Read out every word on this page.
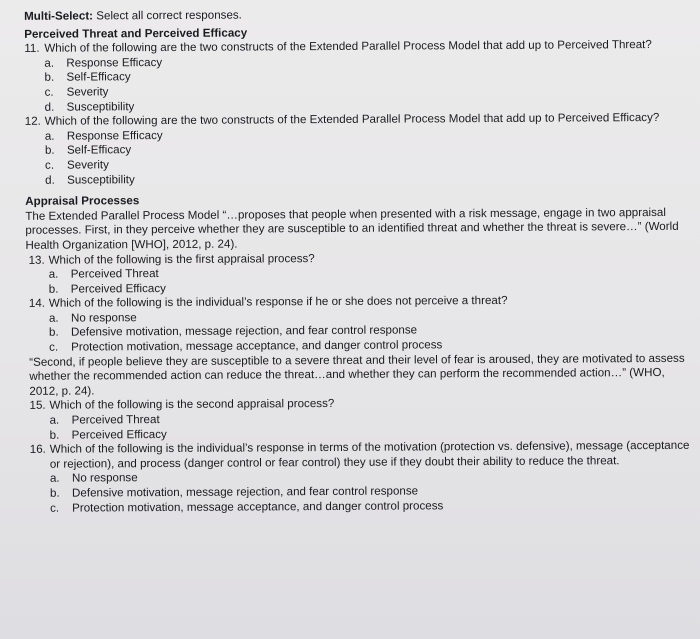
Multi-Select: Select all correct responses.

Perceived Threat and Perceived Efficacy

11. Which of the following are the two constructs of the Extended Parallel Process Model that add up to Perceived Threat?
a.	Response Efficacy
b.	Self-Efficacy
c.	Severity
d.	Susceptibility
12. Which of the following are the two constructs of the Extended Parallel Process Model that add up to Perceived Efficacy?
a.	Response Efficacy
b.	Self-Efficacy
c.	Severity
d.	Susceptibility

Appraisal Processes

The Extended Parallel Process Model “…proposes that people when presented with a risk message, engage in two appraisal processes. First, in they perceive whether they are susceptible to an identified threat and whether the threat is severe…” (World Health Organization [WHO], 2012, p. 24).

13. Which of the following is the first appraisal process?
a.	Perceived Threat
b.	Perceived Efficacy
14. Which of the following is the individual’s response if he or she does not perceive a threat?
a.	No response
b.	Defensive motivation, message rejection, and fear control response
c.	Protection motivation, message acceptance, and danger control process

“Second, if people believe they are susceptible to a severe threat and their level of fear is aroused, they are motivated to assess whether the recommended action can reduce the threat…and whether they can perform the recommended action…” (WHO, 2012, p. 24).

15. Which of the following is the second appraisal process?
a.	Perceived Threat
b.	Perceived Efficacy
16. Which of the following is the individual’s response in terms of the motivation (protection vs. defensive), message (acceptance or rejection), and process (danger control or fear control) they use if they doubt their ability to reduce the threat.
a.	No response
b.	Defensive motivation, message rejection, and fear control response
c.	Protection motivation, message acceptance, and danger control process
